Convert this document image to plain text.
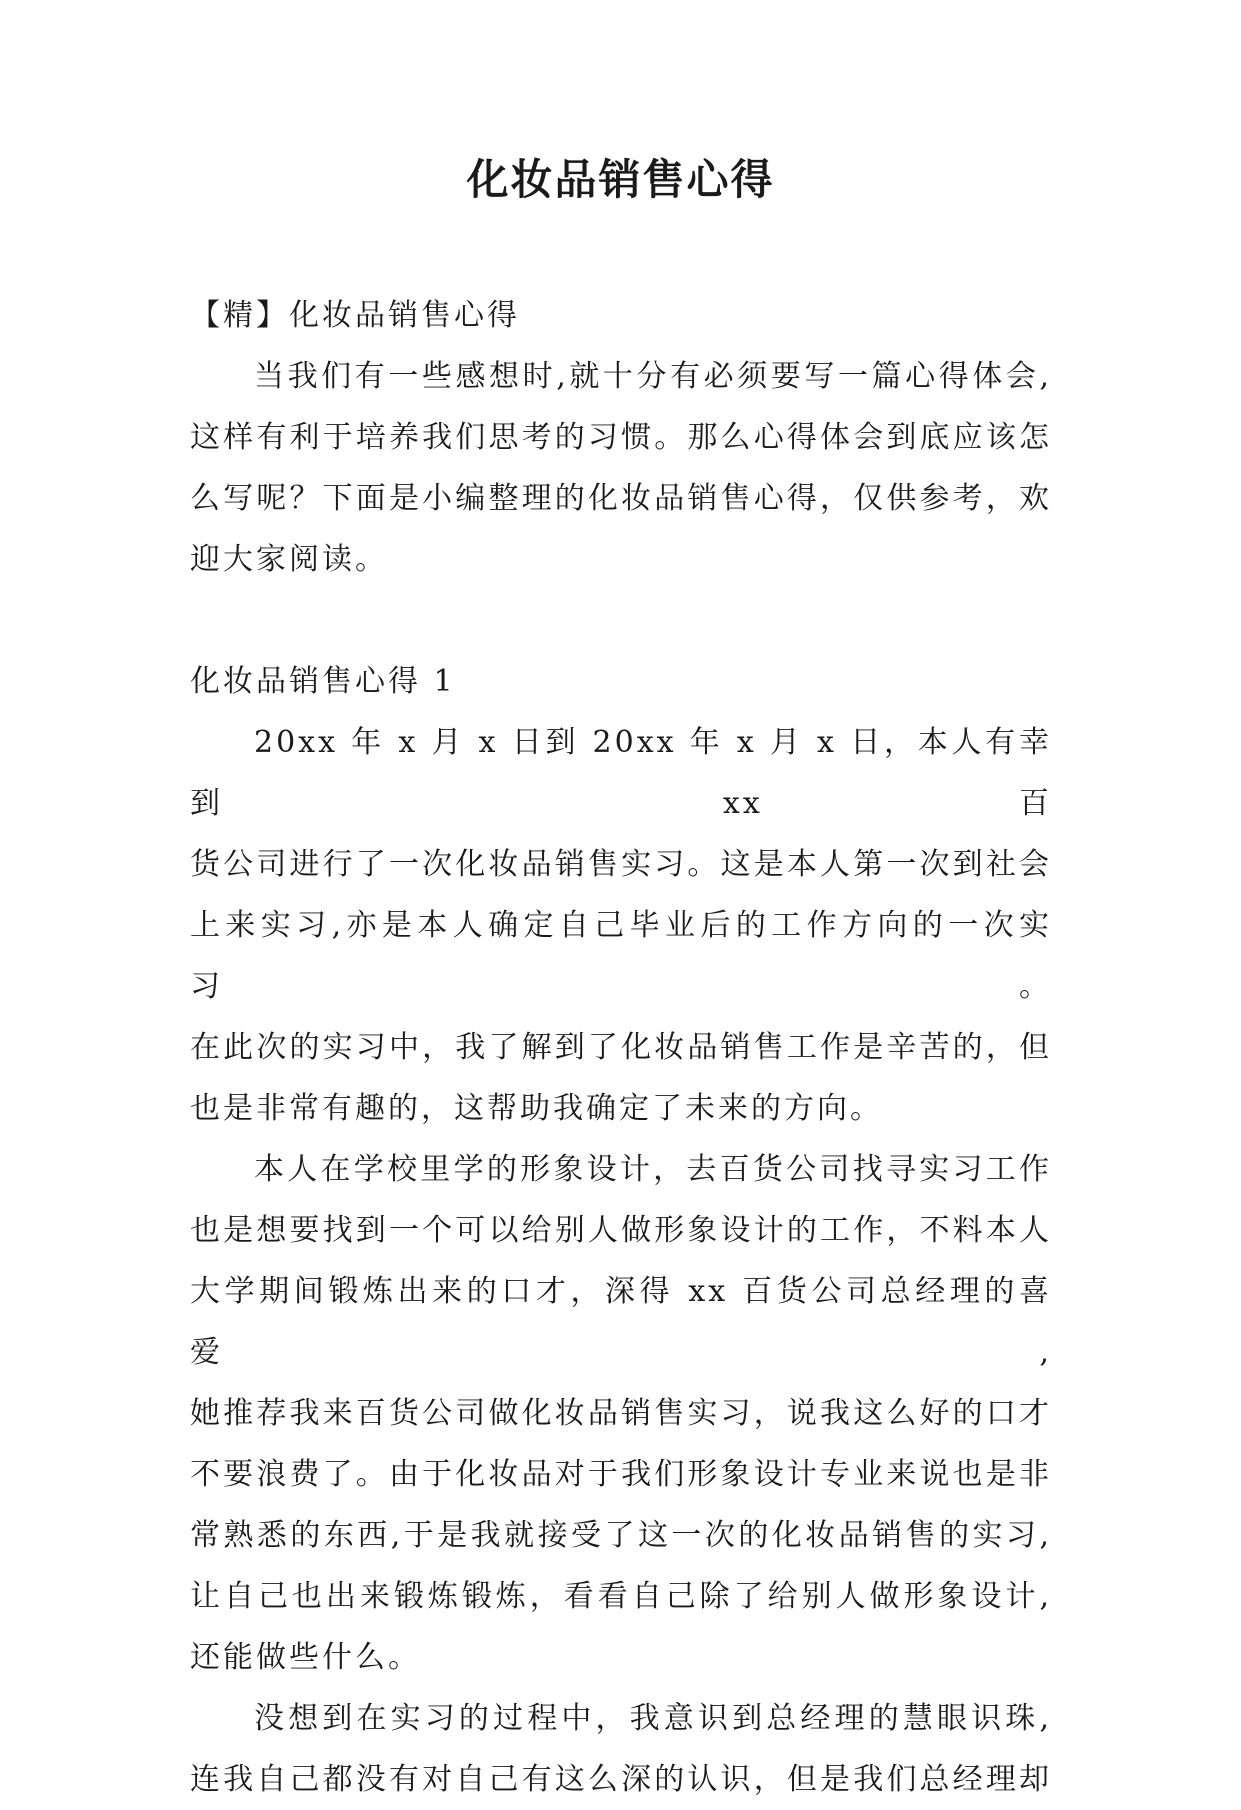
化妆品销售心得

【精】化妆品销售心得

当我们有一些感想时,就十分有必须要写一篇心得体会,

这样有利于培养我们思考的习惯。那么心得体会到底应该怎

么写呢？下面是小编整理的化妆品销售心得，仅供参考，欢

迎大家阅读。

化妆品销售心得 1

20xx 年 x 月 x 日到 20xx 年 x 月 x 日，本人有幸到 xx 百

货公司进行了一次化妆品销售实习。这是本人第一次到社会

上来实习,亦是本人确定自己毕业后的工作方向的一次实习。

在此次的实习中，我了解到了化妆品销售工作是辛苦的，但

也是非常有趣的，这帮助我确定了未来的方向。

本人在学校里学的形象设计，去百货公司找寻实习工作

也是想要找到一个可以给别人做形象设计的工作，不料本人

大学期间锻炼出来的口才，深得 xx 百货公司总经理的喜爱,

她推荐我来百货公司做化妆品销售实习，说我这么好的口才

不要浪费了。由于化妆品对于我们形象设计专业来说也是非

常熟悉的东西,于是我就接受了这一次的化妆品销售的实习,

让自己也出来锻炼锻炼，看看自己除了给别人做形象设计,

还能做些什么。

没想到在实习的过程中，我意识到总经理的慧眼识珠,

连我自己都没有对自己有这么深的认识，但是我们总经理却
